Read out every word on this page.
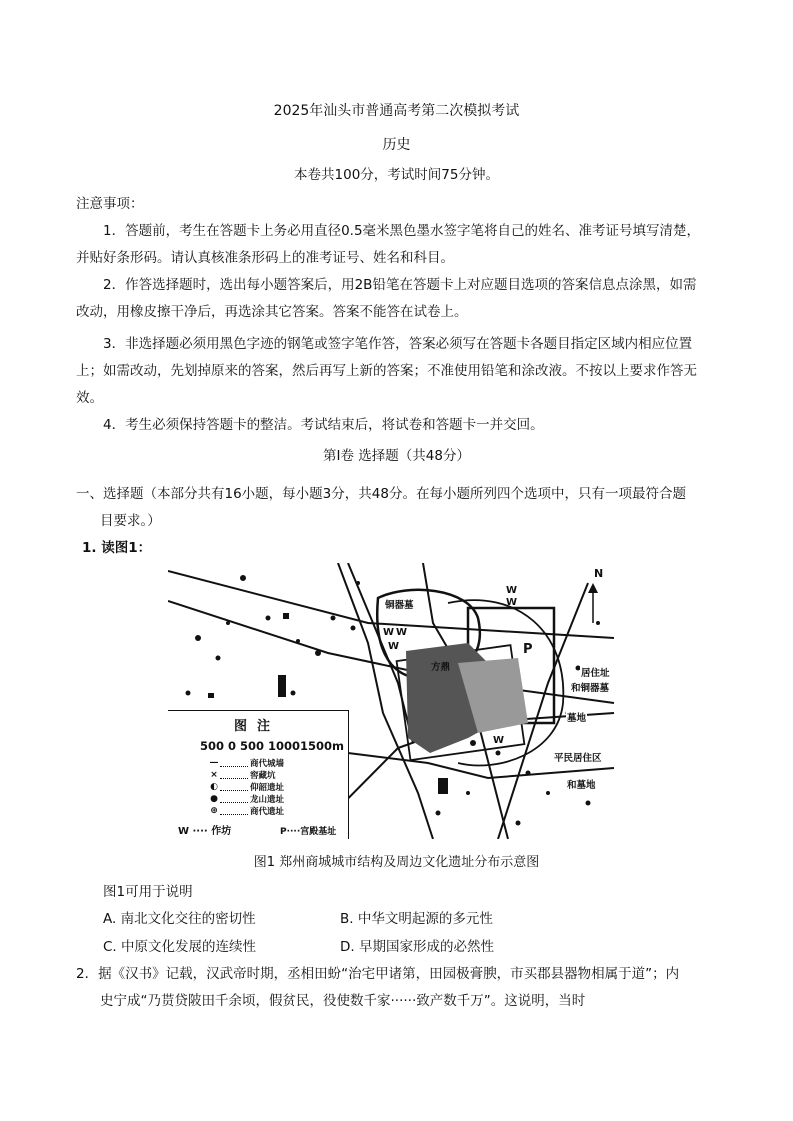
2025年汕头市普通高考第二次模拟考试
历史
本卷共100分，考试时间75分钟。
注意事项：
1．答题前，考生在答题卡上务必用直径0.5毫米黑色墨水签字笔将自己的姓名、准考证号填写清楚，
并贴好条形码。请认真核准条形码上的准考证号、姓名和科目。
2．作答选择题时，选出每小题答案后，用2B铅笔在答题卡上对应题目选项的答案信息点涂黑，如需
改动，用橡皮擦干净后，再选涂其它答案。答案不能答在试卷上。
3．非选择题必须用黑色字迹的钢笔或签字笔作答，答案必须写在答题卡各题目指定区域内相应位置
上；如需改动，先划掉原来的答案，然后再写上新的答案；不准使用铅笔和涂改液。不按以上要求作答无
效。
4．考生必须保持答题卡的整洁。考试结束后，将试卷和答题卡一并交回。
第Ⅰ卷 选择题（共48分）
一、选择题（本部分共有16小题，每小题3分，共48分。在每小题所列四个选项中，只有一项最符合题
目要求。）
1. 读图1：
W W
W
W
W
W
P
N
铜器墓
方鼎
居住址
和铜器墓
墓地
平民居住区
和墓地
图注
500 0 500 10001500m
—	商代城墙
×	窖藏坑
◐	仰韶遗址
●	龙山遗址
⊕	商代遗址
W ···· 作坊	P····宫殿基址
图1 郑州商城城市结构及周边文化遗址分布示意图
图1可用于说明
A. 南北文化交往的密切性	B. 中华文明起源的多元性
C. 中原文化发展的连续性	D. 早期国家形成的必然性
2．据《汉书》记载，汉武帝时期，丞相田蚡“治宅甲诸第，田园极膏腴，市买郡县器物相属于道”；内
史宁成“乃贳贷陂田千余顷，假贫民，役使数千家······致产数千万”。这说明，当时
